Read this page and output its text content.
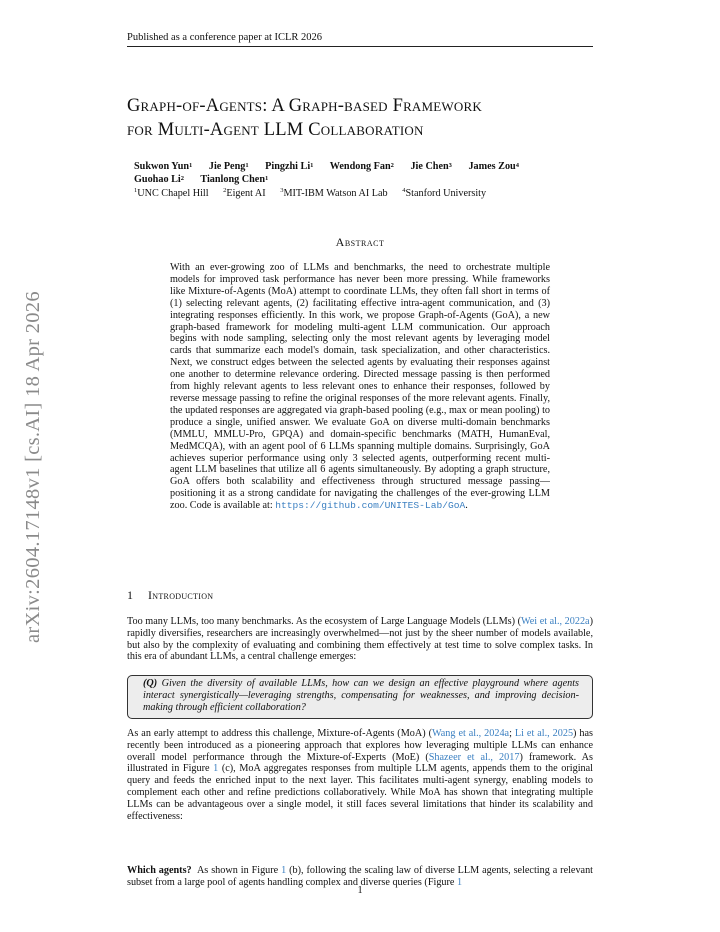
Published as a conference paper at ICLR 2026
arXiv:2604.17148v1 [cs.AI] 18 Apr 2026
Graph-of-Agents: A Graph-based Framework
for Multi-Agent LLM Collaboration
Sukwon Yun$^1$ Jie Peng$^1$ Pingzhi Li$^1$ Wendong Fan$^2$ Jie Chen$^3$ James Zou$^4$
Guohao Li$^2$ Tianlong Chen$^1$
$^1$UNC Chapel Hill $^2$Eigent AI $^3$MIT-IBM Watson AI Lab $^4$Stanford University
Abstract
With an ever-growing zoo of LLMs and benchmarks, the need to orchestrate multiple models for improved task performance has never been more pressing. While frameworks like Mixture-of-Agents (MoA) attempt to coordinate LLMs, they often fall short in terms of (1) selecting relevant agents, (2) facilitating effective intra-agent communication, and (3) integrating responses efficiently. In this work, we propose Graph-of-Agents (GoA), a new graph-based framework for modeling multi-agent LLM communication. Our approach begins with node sampling, selecting only the most relevant agents by leveraging model cards that summarize each model's domain, task specialization, and other characteristics. Next, we construct edges between the selected agents by evaluating their responses against one another to determine relevance ordering. Directed message passing is then performed from highly relevant agents to less relevant ones to enhance their responses, followed by reverse message passing to refine the original responses of the more relevant agents. Finally, the updated responses are aggregated via graph-based pooling (e.g., max or mean pooling) to produce a single, unified answer. We evaluate GoA on diverse multi-domain benchmarks (MMLU, MMLU-Pro, GPQA) and domain-specific benchmarks (MATH, HumanEval, MedMCQA), with an agent pool of 6 LLMs spanning multiple domains. Surprisingly, GoA achieves superior performance using only 3 selected agents, outperforming recent multi-agent LLM baselines that utilize all 6 agents simultaneously. By adopting a graph structure, GoA offers both scalability and effectiveness through structured message passing—positioning it as a strong candidate for navigating the challenges of the ever-growing LLM zoo. Code is available at: https://github.com/UNITES-Lab/GoA.
1 Introduction
Too many LLMs, too many benchmarks. As the ecosystem of Large Language Models (LLMs) (Wei et al., 2022a) rapidly diversifies, researchers are increasingly overwhelmed—not just by the sheer number of models available, but also by the complexity of evaluating and combining them effectively at test time to solve complex tasks. In this era of abundant LLMs, a central challenge emerges:
(Q) Given the diversity of available LLMs, how can we design an effective playground where agents interact synergistically—leveraging strengths, compensating for weaknesses, and improving decision-making through efficient collaboration?
As an early attempt to address this challenge, Mixture-of-Agents (MoA) (Wang et al., 2024a; Li et al., 2025) has recently been introduced as a pioneering approach that explores how leveraging multiple LLMs can enhance overall model performance through the Mixture-of-Experts (MoE) (Shazeer et al., 2017) framework. As illustrated in Figure 1 (c), MoA aggregates responses from multiple LLM agents, appends them to the original query and feeds the enriched input to the next layer. This facilitates multi-agent synergy, enabling models to complement each other and refine predictions collaboratively. While MoA has shown that integrating multiple LLMs can be advantageous over a single model, it still faces several limitations that hinder its scalability and effectiveness:
Which agents?  As shown in Figure 1 (b), following the scaling law of diverse LLM agents, selecting a relevant subset from a large pool of agents handling complex and diverse queries (Figure 1
1
